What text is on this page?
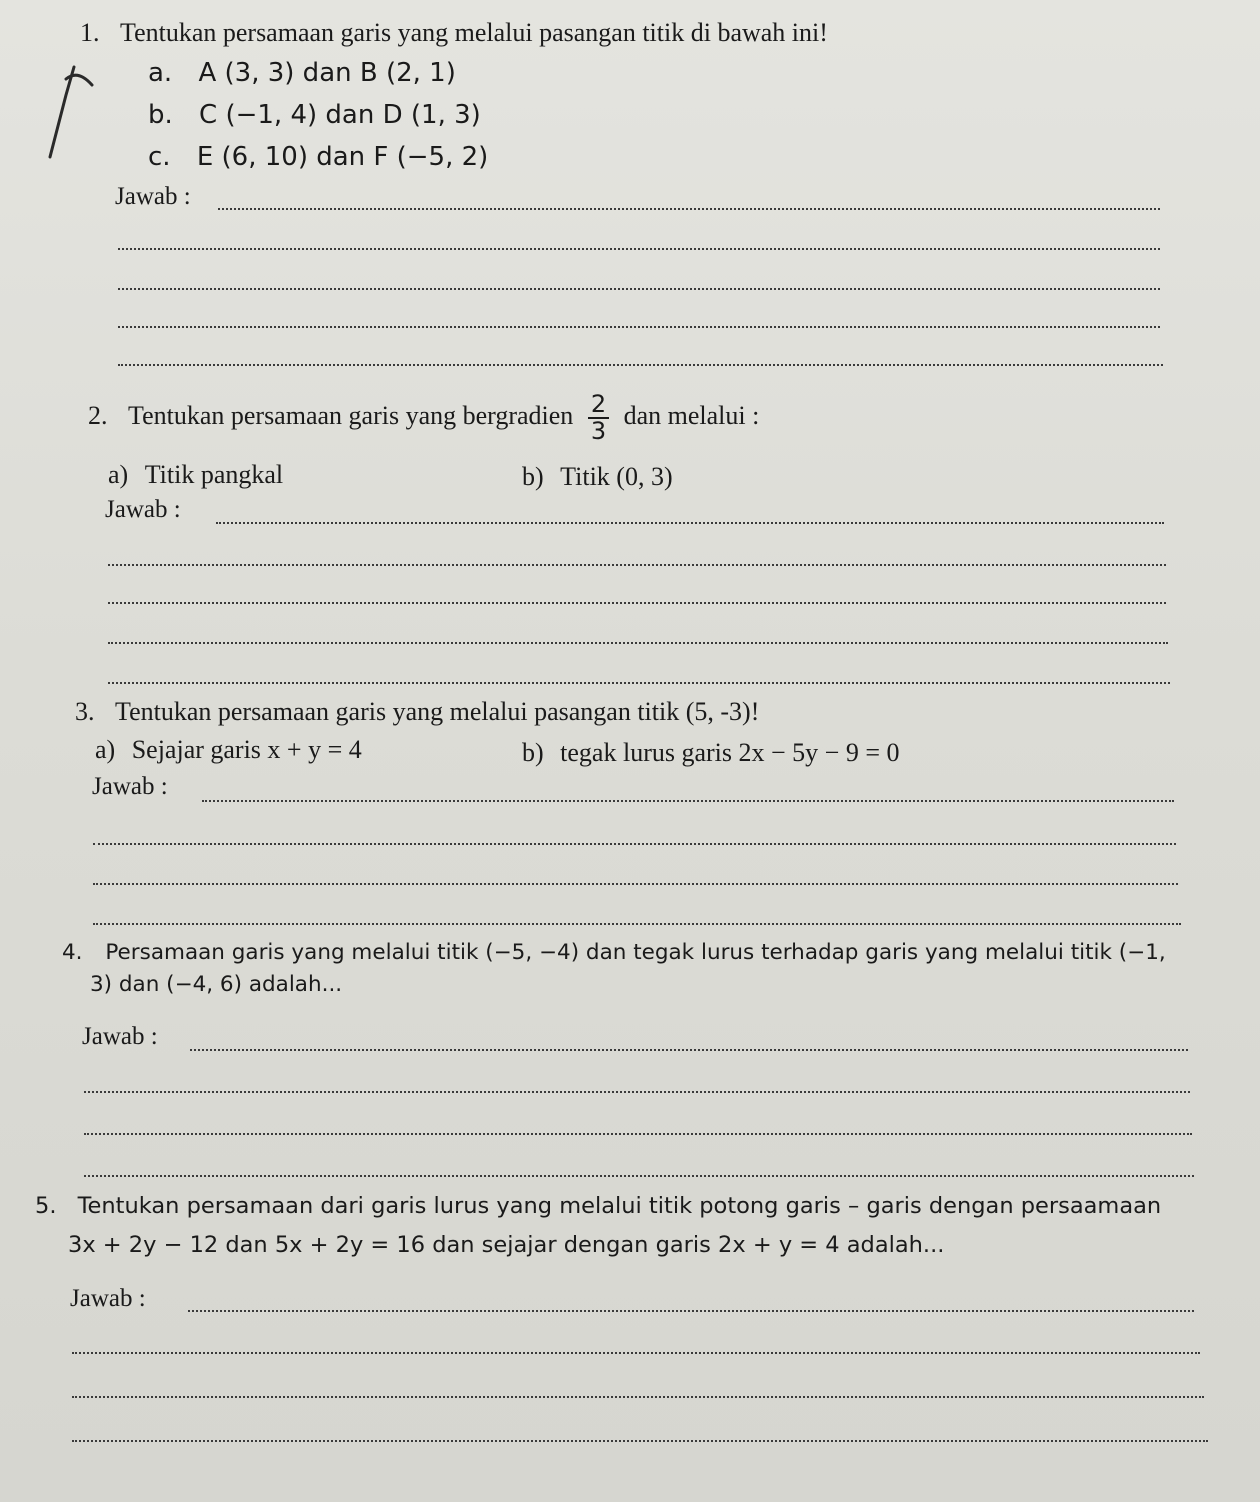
1. Tentukan persamaan garis yang melalui pasangan titik di bawah ini!
a. A (3, 3) dan B (2, 1)
b. C (−1, 4) dan D (1, 3)
c. E (6, 10) dan F (−5, 2)
Jawab :
2. Tentukan persamaan garis yang bergradien $\frac{2}{3}$ dan melalui :
a) Titik pangkal	b) Titik (0, 3)
Jawab :
3. Tentukan persamaan garis yang melalui pasangan titik (5, -3)!
a) Sejajar garis x + y = 4	b) tegak lurus garis 2x − 5y − 9 = 0
Jawab :
4. Persamaan garis yang melalui titik (−5, −4) dan tegak lurus terhadap garis yang melalui titik (−1,
3) dan (−4, 6) adalah...
Jawab :
5. Tentukan persamaan dari garis lurus yang melalui titik potong garis – garis dengan persaamaan
3x + 2y − 12 dan 5x + 2y = 16 dan sejajar dengan garis 2x + y = 4 adalah...
Jawab :
